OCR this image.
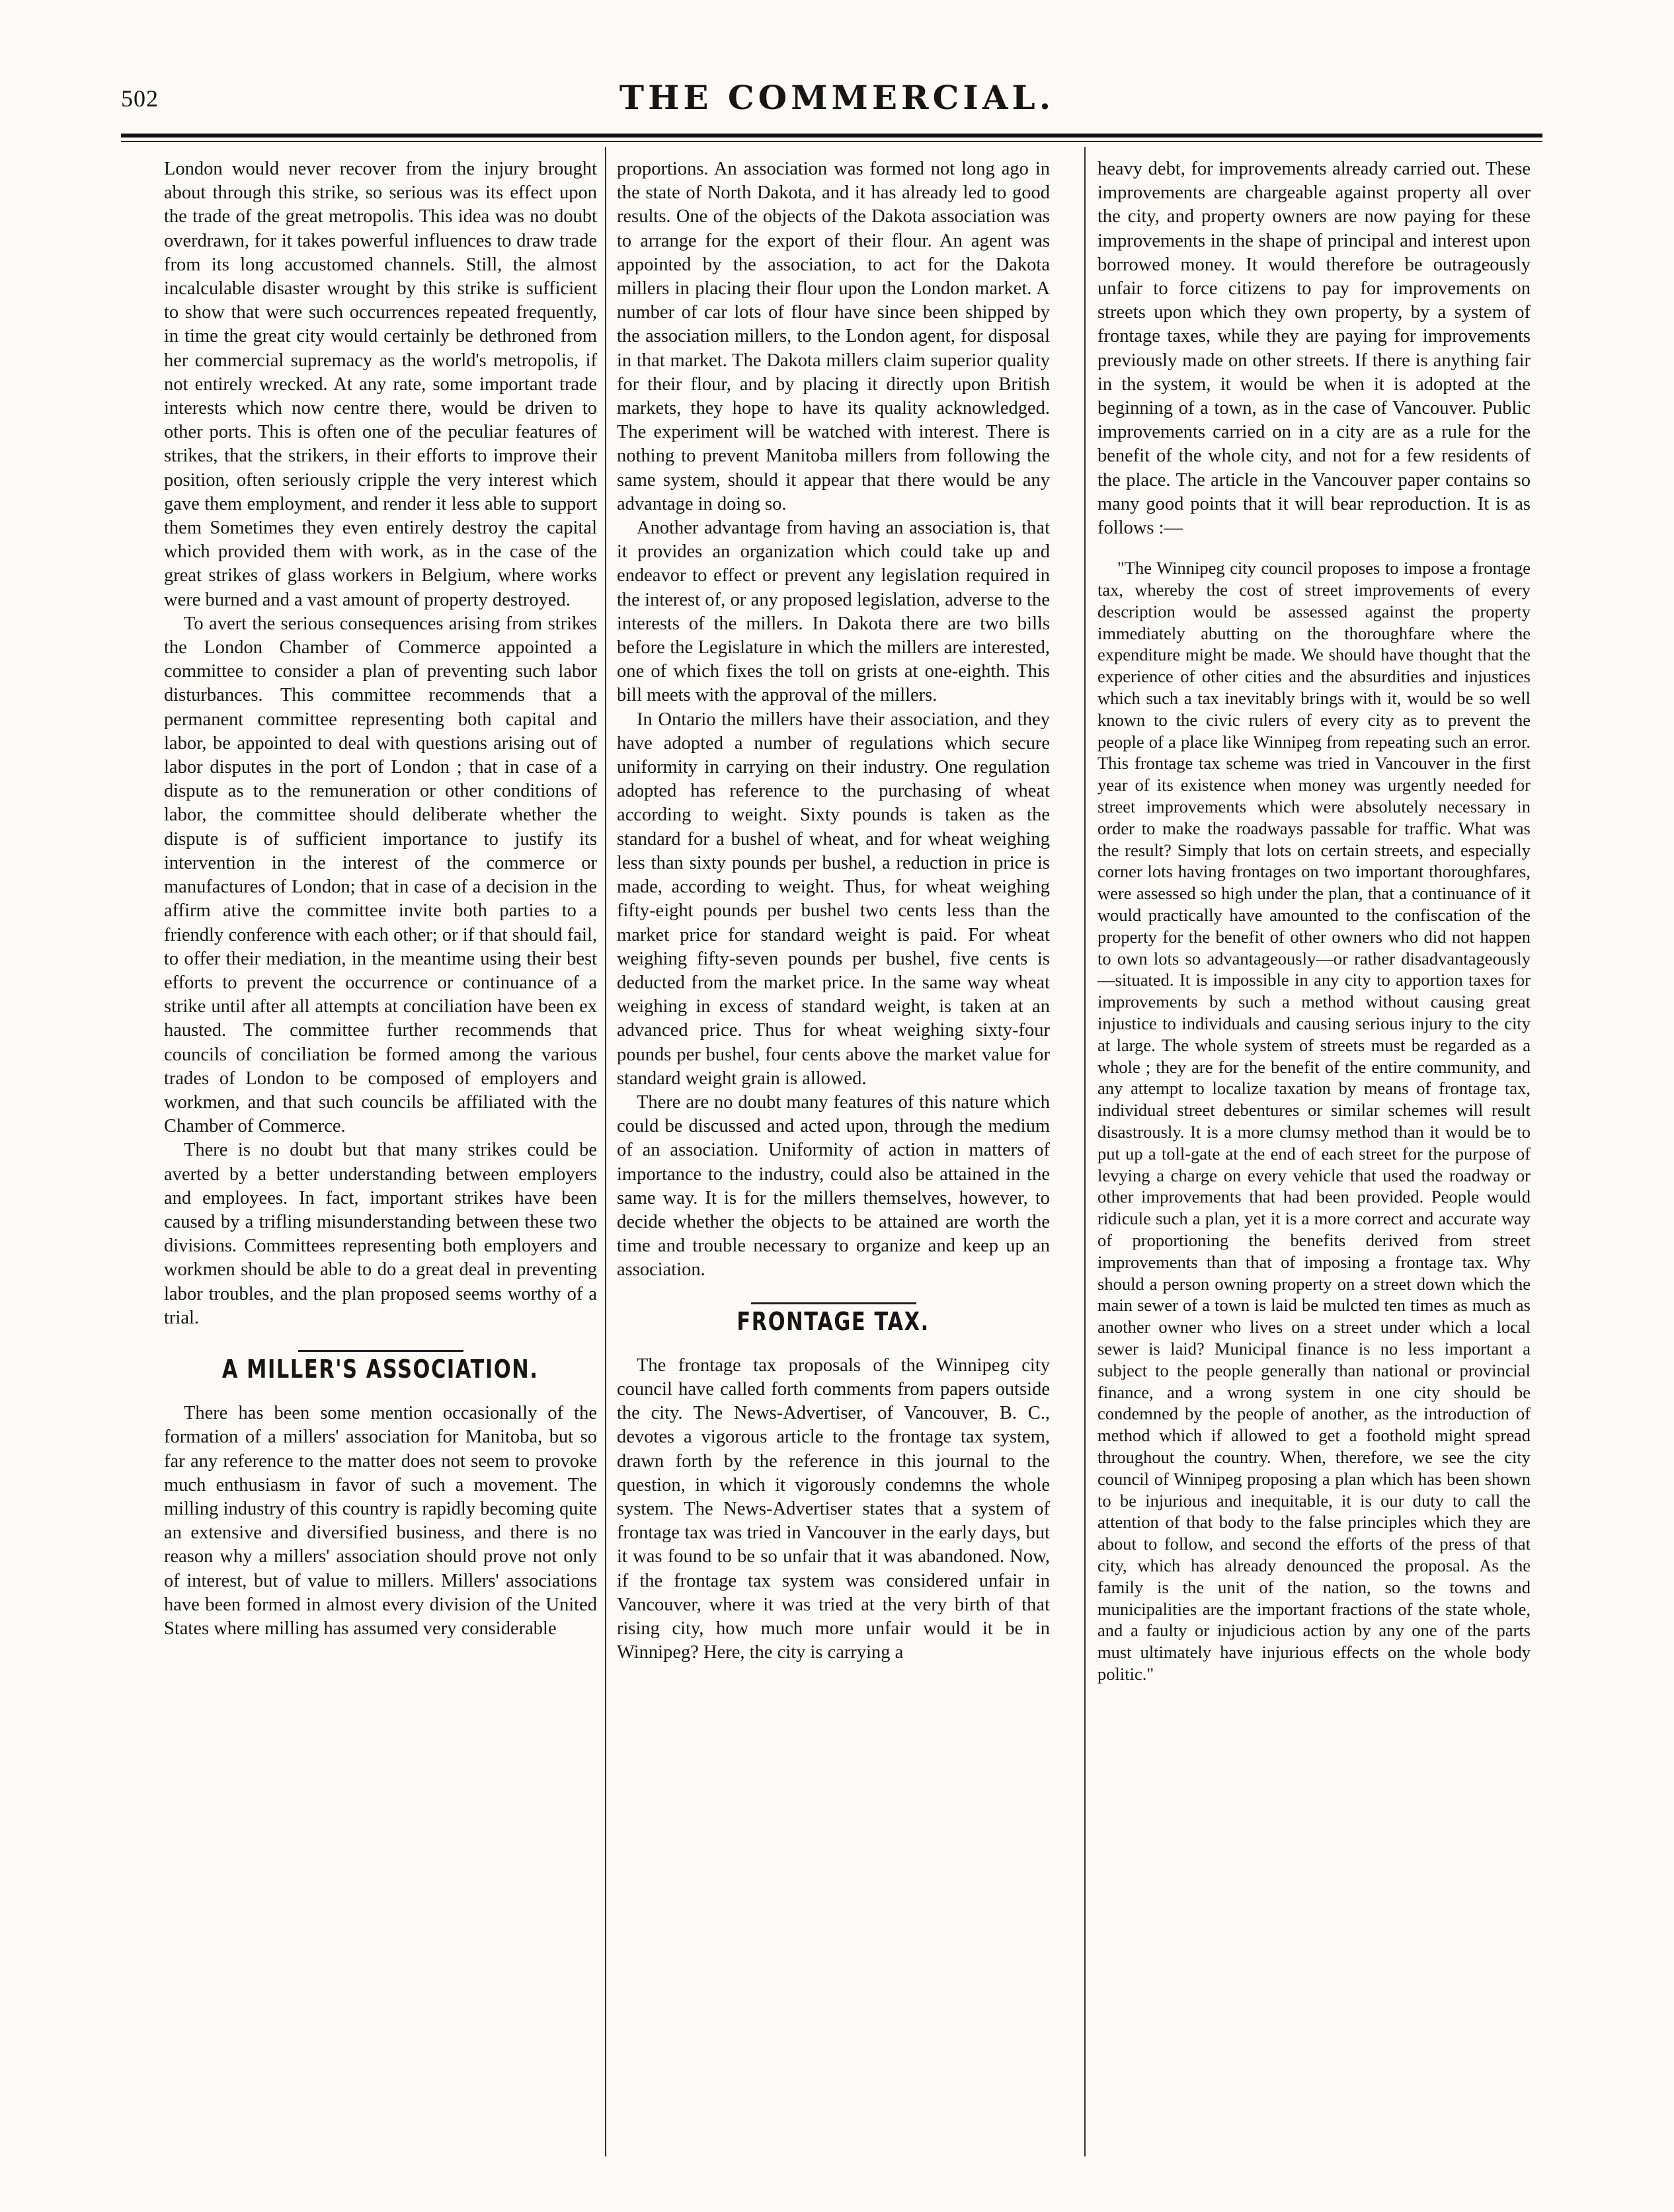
502	THE COMMERCIAL.

London would never recover from the injury brought about through this strike, so serious was its effect upon the trade of the great metropolis. This idea was no doubt overdrawn, for it takes powerful influences to draw trade from its long accustomed channels. Still, the almost incalculable disaster wrought by this strike is sufficient to show that were such occurrences repeated frequently, in time the great city would certainly be dethroned from her commercial supremacy as the world's metropolis, if not entirely wrecked. At any rate, some important trade interests which now centre there, would be driven to other ports. This is often one of the peculiar features of strikes, that the strikers, in their efforts to improve their position, often seriously cripple the very interest which gave them employment, and render it less able to support them Sometimes they even entirely destroy the capital which provided them with work, as in the case of the great strikes of glass workers in Belgium, where works were burned and a vast amount of property destroyed.

To avert the serious consequences arising from strikes the London Chamber of Commerce appointed a committee to consider a plan of preventing such labor disturbances. This committee recommends that a permanent committee representing both capital and labor, be appointed to deal with questions arising out of labor disputes in the port of London ; that in case of a dispute as to the remuneration or other conditions of labor, the committee should deliberate whether the dispute is of sufficient importance to justify its intervention in the interest of the commerce or manufactures of London; that in case of a decision in the affirm ative the committee invite both parties to a friendly conference with each other; or if that should fail, to offer their mediation, in the meantime using their best efforts to prevent the occurrence or continuance of a strike until after all attempts at conciliation have been ex hausted. The committee further recommends that councils of conciliation be formed among the various trades of London to be composed of employers and workmen, and that such councils be affiliated with the Chamber of Commerce.

There is no doubt but that many strikes could be averted by a better understanding between employers and employees. In fact, important strikes have been caused by a trifling misunderstanding between these two divisions. Committees representing both employers and workmen should be able to do a great deal in preventing labor troubles, and the plan proposed seems worthy of a trial.

A MILLER'S ASSOCIATION.

There has been some mention occasionally of the formation of a millers' association for Manitoba, but so far any reference to the matter does not seem to provoke much enthusiasm in favor of such a movement. The milling industry of this country is rapidly becoming quite an extensive and diversified business, and there is no reason why a millers' association should prove not only of interest, but of value to millers. Millers' associations have been formed in almost every division of the United States where milling has assumed very considerable

proportions. An association was formed not long ago in the state of North Dakota, and it has already led to good results. One of the objects of the Dakota association was to arrange for the export of their flour. An agent was appointed by the association, to act for the Dakota millers in placing their flour upon the London market. A number of car lots of flour have since been shipped by the association millers, to the London agent, for disposal in that market. The Dakota millers claim superior quality for their flour, and by placing it directly upon British markets, they hope to have its quality acknowledged. The experiment will be watched with interest. There is nothing to prevent Manitoba millers from following the same system, should it appear that there would be any advantage in doing so.

Another advantage from having an association is, that it provides an organization which could take up and endeavor to effect or prevent any legislation required in the interest of, or any proposed legislation, adverse to the interests of the millers. In Dakota there are two bills before the Legislature in which the millers are interested, one of which fixes the toll on grists at one-eighth. This bill meets with the approval of the millers.

In Ontario the millers have their association, and they have adopted a number of regulations which secure uniformity in carrying on their industry. One regulation adopted has reference to the purchasing of wheat according to weight. Sixty pounds is taken as the standard for a bushel of wheat, and for wheat weighing less than sixty pounds per bushel, a reduction in price is made, according to weight. Thus, for wheat weighing fifty-eight pounds per bushel two cents less than the market price for standard weight is paid. For wheat weighing fifty-seven pounds per bushel, five cents is deducted from the market price. In the same way wheat weighing in excess of standard weight, is taken at an advanced price. Thus for wheat weighing sixty-four pounds per bushel, four cents above the market value for standard weight grain is allowed.

There are no doubt many features of this nature which could be discussed and acted upon, through the medium of an association. Uniformity of action in matters of importance to the industry, could also be attained in the same way. It is for the millers themselves, however, to decide whether the objects to be attained are worth the time and trouble necessary to organize and keep up an association.

FRONTAGE TAX.

The frontage tax proposals of the Winnipeg city council have called forth comments from papers outside the city. The News-Advertiser, of Vancouver, B. C., devotes a vigorous article to the frontage tax system, drawn forth by the reference in this journal to the question, in which it vigorously condemns the whole system. The News-Advertiser states that a system of frontage tax was tried in Vancouver in the early days, but it was found to be so unfair that it was abandoned. Now, if the frontage tax system was considered unfair in Vancouver, where it was tried at the very birth of that rising city, how much more unfair would it be in Winnipeg? Here, the city is carrying a

heavy debt, for improvements already carried out. These improvements are chargeable against property all over the city, and property owners are now paying for these improvements in the shape of principal and interest upon borrowed money. It would therefore be outrageously unfair to force citizens to pay for improvements on streets upon which they own property, by a system of frontage taxes, while they are paying for improvements previously made on other streets. If there is anything fair in the system, it would be when it is adopted at the beginning of a town, as in the case of Vancouver. Public improvements carried on in a city are as a rule for the benefit of the whole city, and not for a few residents of the place. The article in the Vancouver paper contains so many good points that it will bear reproduction. It is as follows :—

"The Winnipeg city council proposes to impose a frontage tax, whereby the cost of street improvements of every description would be assessed against the property immediately abutting on the thoroughfare where the expenditure might be made. We should have thought that the experience of other cities and the absurdities and injustices which such a tax inevitably brings with it, would be so well known to the civic rulers of every city as to prevent the people of a place like Winnipeg from repeating such an error. This frontage tax scheme was tried in Vancouver in the first year of its existence when money was urgently needed for street improvements which were absolutely necessary in order to make the roadways passable for traffic. What was the result? Simply that lots on certain streets, and especially corner lots having frontages on two important thoroughfares, were assessed so high under the plan, that a continuance of it would practically have amounted to the confiscation of the property for the benefit of other owners who did not happen to own lots so advantageously—or rather disadvantageously—situated. It is impossible in any city to apportion taxes for improvements by such a method without causing great injustice to individuals and causing serious injury to the city at large. The whole system of streets must be regarded as a whole ; they are for the benefit of the entire community, and any attempt to localize taxation by means of frontage tax, individual street debentures or similar schemes will result disastrously. It is a more clumsy method than it would be to put up a toll-gate at the end of each street for the purpose of levying a charge on every vehicle that used the roadway or other improvements that had been provided. People would ridicule such a plan, yet it is a more correct and accurate way of proportioning the benefits derived from street improvements than that of imposing a frontage tax. Why should a person owning property on a street down which the main sewer of a town is laid be mulcted ten times as much as another owner who lives on a street under which a local sewer is laid? Municipal finance is no less important a subject to the people generally than national or provincial finance, and a wrong system in one city should be condemned by the people of another, as the introduction of method which if allowed to get a foothold might spread throughout the country. When, therefore, we see the city council of Winnipeg proposing a plan which has been shown to be injurious and inequitable, it is our duty to call the attention of that body to the false principles which they are about to follow, and second the efforts of the press of that city, which has already denounced the proposal. As the family is the unit of the nation, so the towns and municipalities are the important fractions of the state whole, and a faulty or injudicious action by any one of the parts must ultimately have injurious effects on the whole body politic."
